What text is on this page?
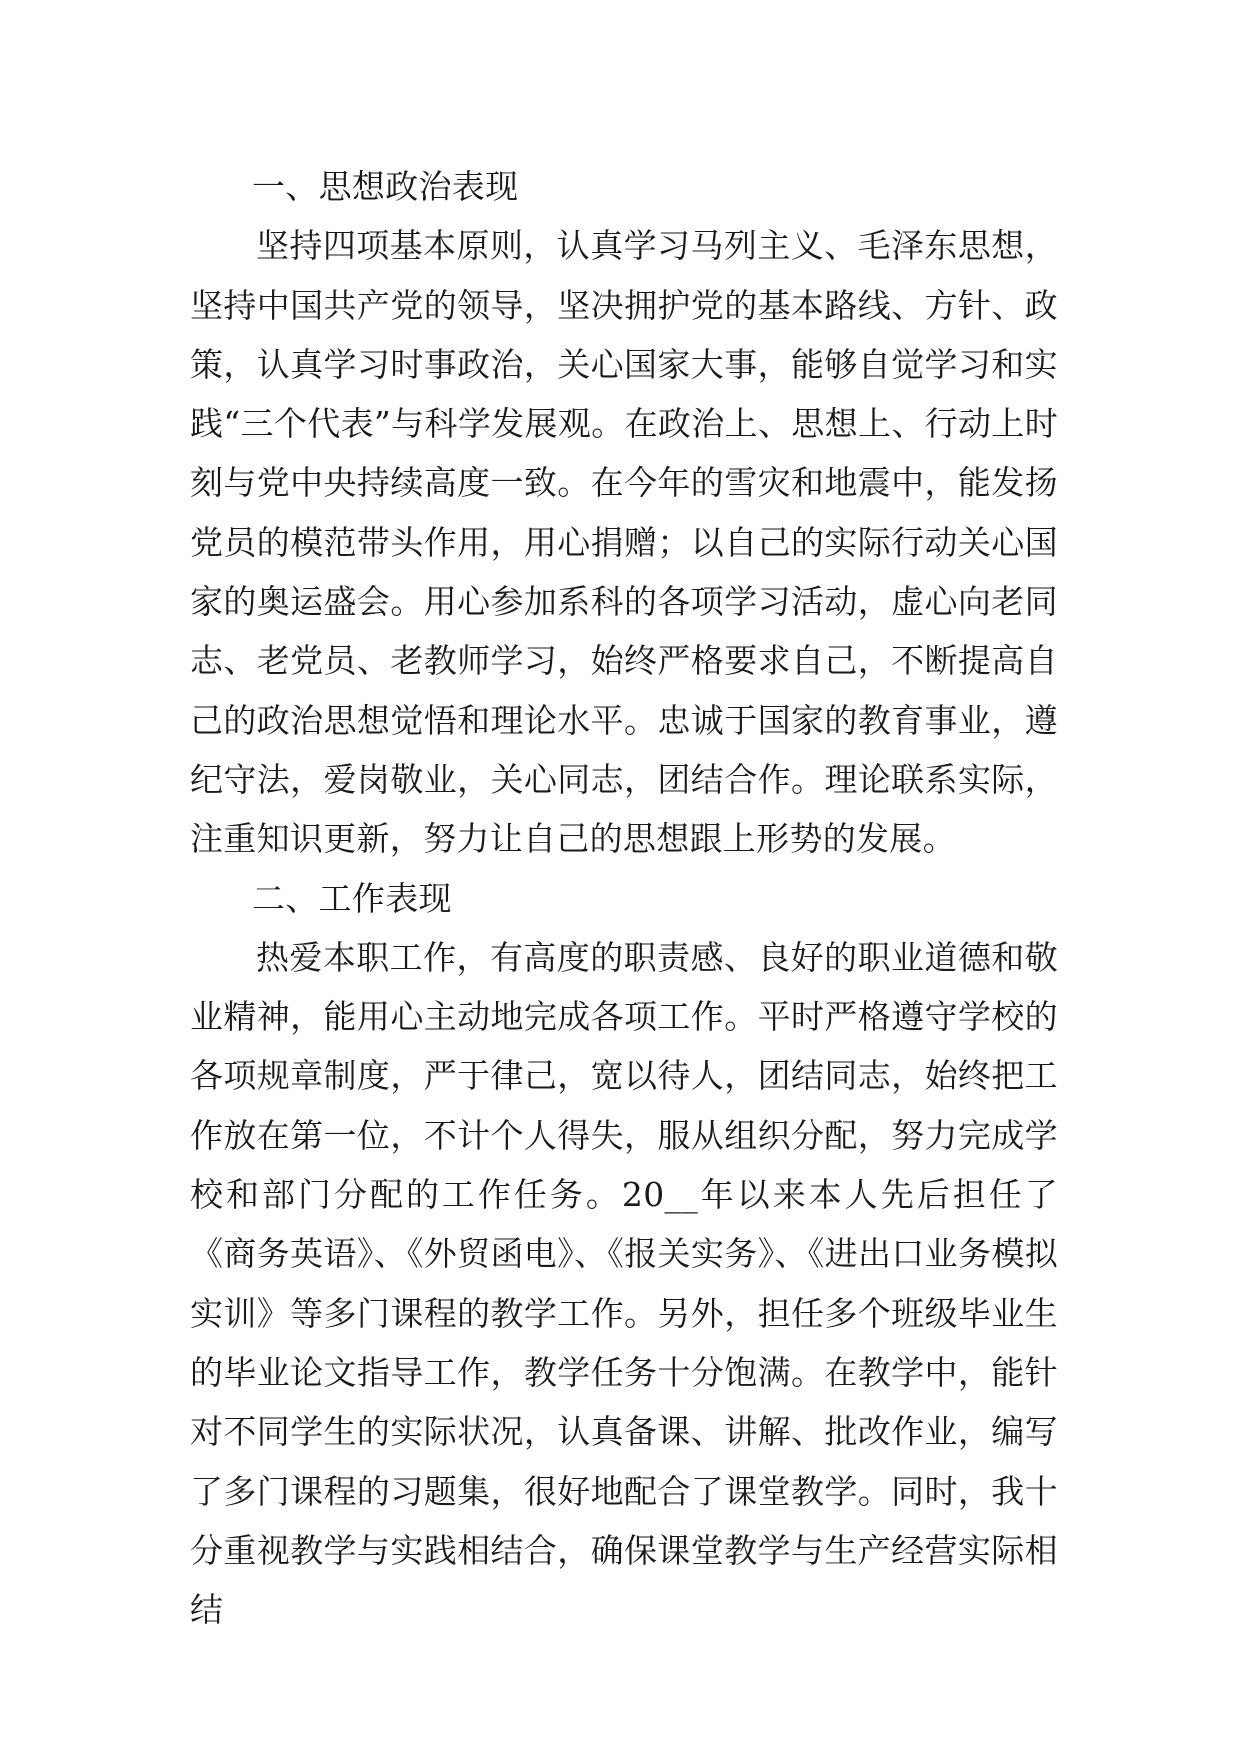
一、思想政治表现

坚持四项基本原则，认真学习马列主义、毛泽东思想，坚持中国共产党的领导，坚决拥护党的基本路线、方针、政策，认真学习时事政治，关心国家大事，能够自觉学习和实践“三个代表”与科学发展观。在政治上、思想上、行动上时刻与党中央持续高度一致。在今年的雪灾和地震中，能发扬党员的模范带头作用，用心捐赠；以自己的实际行动关心国家的奥运盛会。用心参加系科的各项学习活动，虚心向老同志、老党员、老教师学习，始终严格要求自己，不断提高自己的政治思想觉悟和理论水平。忠诚于国家的教育事业，遵纪守法，爱岗敬业，关心同志，团结合作。理论联系实际，注重知识更新，努力让自己的思想跟上形势的发展。

二、工作表现

热爱本职工作，有高度的职责感、良好的职业道德和敬业精神，能用心主动地完成各项工作。平时严格遵守学校的各项规章制度，严于律己，宽以待人，团结同志，始终把工作放在第一位，不计个人得失，服从组织分配，努力完成学校和部门分配的工作任务。20__年以来本人先后担任了《商务英语》、《外贸函电》、《报关实务》、《进出口业务模拟实训》等多门课程的教学工作。另外，担任多个班级毕业生的毕业论文指导工作，教学任务十分饱满。在教学中，能针对不同学生的实际状况，认真备课、讲解、批改作业，编写了多门课程的习题集，很好地配合了课堂教学。同时，我十分重视教学与实践相结合，确保课堂教学与生产经营实际相结
